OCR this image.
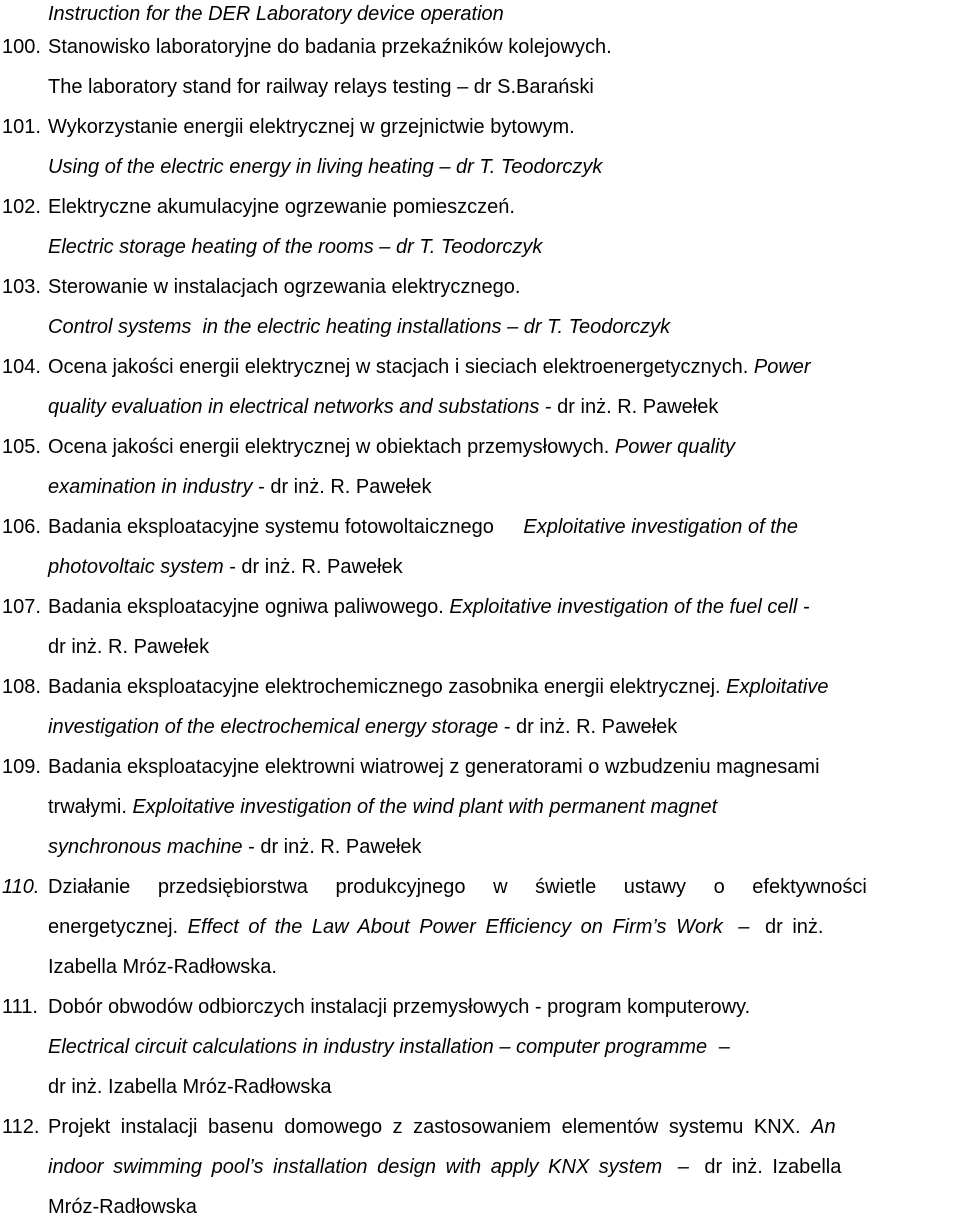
Instruction for the DER Laboratory device operation
100. Stanowisko laboratoryjne do badania przekaźników kolejowych.
The laboratory stand for railway relays testing – dr S.Barański
101. Wykorzystanie energii elektrycznej w grzejnictwie bytowym.
Using of the electric energy in living heating – dr T. Teodorczyk
102. Elektryczne akumulacyjne ogrzewanie pomieszczeń.
Electric storage heating of the rooms – dr T. Teodorczyk
103. Sterowanie w instalacjach ogrzewania elektrycznego.
Control systems  in the electric heating installations – dr T. Teodorczyk
104. Ocena jakości energii elektrycznej w stacjach i sieciach elektroenergetycznych. Power
quality evaluation in electrical networks and substations - dr inż. R. Pawełek
105. Ocena jakości energii elektrycznej w obiektach przemysłowych. Power quality
examination in industry - dr inż. R. Pawełek
106. Badania eksploatacyjne systemu fotowoltaicznego Exploitative investigation of the
photovoltaic system - dr inż. R. Pawełek
107. Badania eksploatacyjne ogniwa paliwowego. Exploitative investigation of the fuel cell -
dr inż. R. Pawełek
108. Badania eksploatacyjne elektrochemicznego zasobnika energii elektrycznej. Exploitative
investigation of the electrochemical energy storage - dr inż. R. Pawełek
109. Badania eksploatacyjne elektrowni wiatrowej z generatorami o wzbudzeniu magnesami
trwałymi. Exploitative investigation of the wind plant with permanent magnet
synchronous machine - dr inż. R. Pawełek
110. Działanie przedsiębiorstwa produkcyjnego w świetle ustawy o efektywności
energetycznej. Effect of the Law About Power Efficiency on Firm’s Work – dr inż.
Izabella Mróz-Radłowska.
111. Dobór obwodów odbiorczych instalacji przemysłowych - program komputerowy.
Electrical circuit calculations in industry installation – computer programme –
dr inż. Izabella Mróz-Radłowska
112. Projekt instalacji basenu domowego z zastosowaniem elementów systemu KNX. An
indoor swimming pool’s installation design with apply KNX system – dr inż. Izabella
Mróz-Radłowska
